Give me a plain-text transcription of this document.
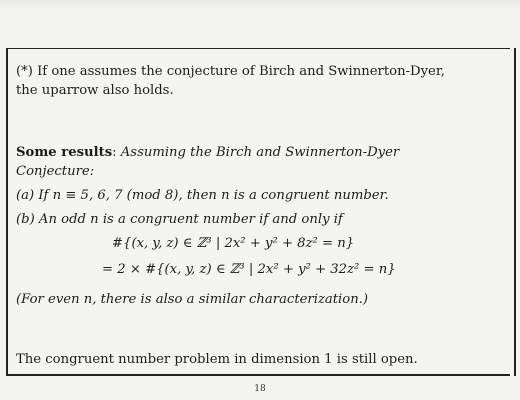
(*) If one assumes the conjecture of Birch and Swinnerton-Dyer,
the uparrow also holds.
Some results: Assuming the Birch and Swinnerton-Dyer
Conjecture:
(a) If n ≡ 5, 6, 7 (mod 8), then n is a congruent number.
(b) An odd n is a congruent number if and only if
#{(x, y, z) ∈ ℤ³ | 2x² + y² + 8z² = n}
= 2 × #{(x, y, z) ∈ ℤ³ | 2x² + y² + 32z² = n}
(For even n, there is also a similar characterization.)
The congruent number problem in dimension 1 is still open.
18
